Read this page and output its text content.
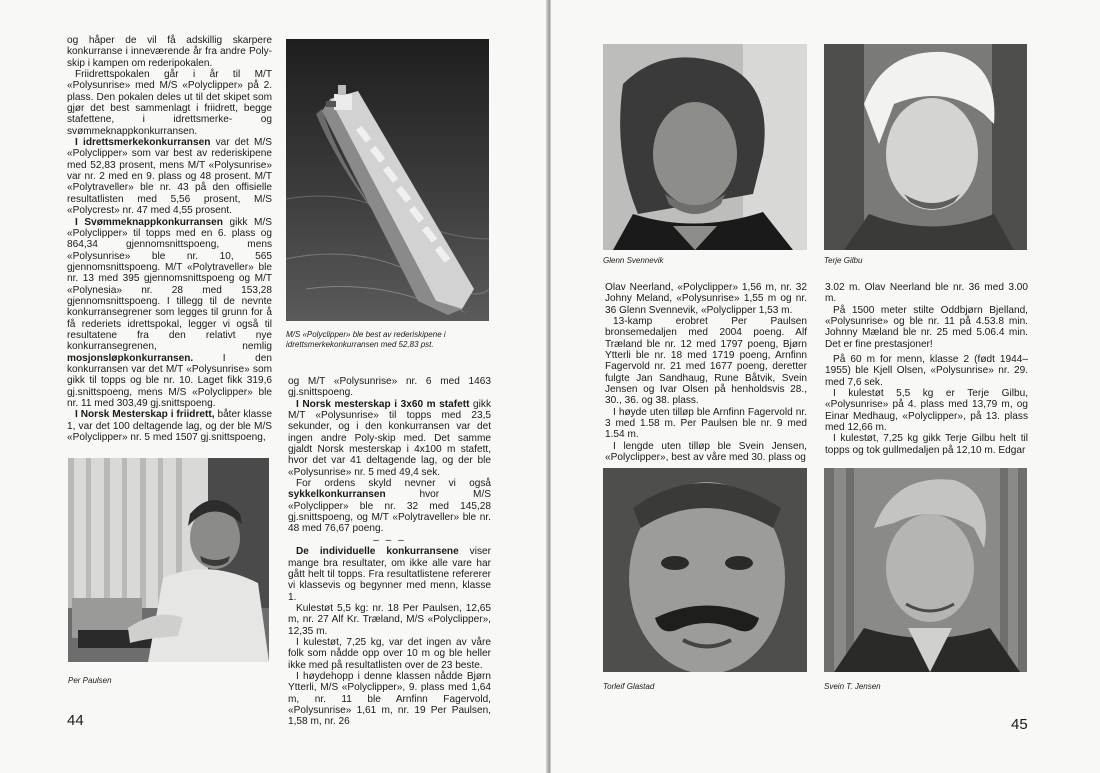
og håper de vil få adskillig skarpere konkurranse i inneværende år fra andre Poly-skip i kampen om rederipokalen.

Friidrettspokalen går i år til M/T «Polysunrise» med M/S «Polyclipper» på 2. plass. Den pokalen deles ut til det skipet som gjør det best sammenlagt i friidrett, begge stafettene, i idrettsmerke- og svømmeknappkonkurransen.

I idrettsmerkekonkurransen var det M/S «Polyclipper» som var best av rederiskipene med 52,83 prosent, mens M/T «Polysunrise» var nr. 2 med en 9. plass og 48 prosent. M/T «Polytraveller» ble nr. 43 på den offisielle resultatlisten med 5,56 prosent, M/S «Polycrest» nr. 47 med 4,55 prosent.

I Svømmeknappkonkurransen gikk M/S «Polyclipper» til topps med en 6. plass og 864,34 gjennomsnittspoeng, mens «Polysunrise» ble nr. 10, 565 gjennomsnittspoeng. M/T «Polytraveller» ble nr. 13 med 395 gjennomsnittspoeng og M/T «Polynesia» nr. 28 med 153,28 gjennomsnittspoeng. I tillegg til de nevnte konkurransegrener som legges til grunn for å få rederiets idrettspokal, legger vi også til resultatene fra den relativt nye konkurransegrenen, nemlig mosjonsløpkonkurransen. I den konkurransen var det M/T «Polysunrise» som gikk til topps og ble nr. 10. Laget fikk 319,6 gj.snittspoeng, mens M/S «Polyclipper» ble nr. 11 med 303,49 gj.snittspoeng.

I Norsk Mesterskap i friidrett, båter klasse 1, var det 100 deltagende lag, og der ble M/S «Polyclipper» nr. 5 med 1507 gj.snittspoeng,

M/S «Polyclipper» ble best av rederiskipene i idrettsmerkekonkurransen med 52,83 pst.

og M/T «Polysunrise» nr. 6 med 1463 gj.snittspoeng.

I Norsk mesterskap i 3x60 m stafett gikk M/T «Polysunrise» til topps med 23,5 sekunder, og i den konkurransen var det ingen andre Poly-skip med. Det samme gjaldt Norsk mesterskap i 4x100 m stafett, hvor det var 41 deltagende lag, og der ble «Polysunrise» nr. 5 med 49,4 sek.

For ordens skyld nevner vi også sykkelkonkurransen hvor M/S «Polyclipper» ble nr. 32 med 145,28 gj.snittspoeng, og M/T «Polytraveller» ble nr. 48 med 76,67 poeng.

– – –

De individuelle konkurransene viser mange bra resultater, om ikke alle vare har gått helt til topps. Fra resultatlistene refererer vi klassevis og begynner med menn, klasse 1.

Kulestøt 5,5 kg: nr. 18 Per Paulsen, 12,65 m, nr. 27 Alf Kr. Træland, M/S «Polyclipper», 12,35 m.

I kulestøt, 7,25 kg, var det ingen av våre folk som nådde opp over 10 m og ble heller ikke med på resultatlisten over de 23 beste.

I høydehopp i denne klassen nådde Bjørn Ytterli, M/S «Polyclipper», 9. plass med 1,64 m, nr. 11 ble Arnfinn Fagervold, «Polysunrise» 1,61 m, nr. 19 Per Paulsen, 1,58 m, nr. 26

Per Paulsen

44

Glenn Svennevik	Terje Gilbu

Olav Neerland, «Polyclipper» 1,56 m, nr. 32 Johny Meland, «Polysunrise» 1,55 m og nr. 36 Glenn Svennevik, «Polyclipper 1,53 m.

13-kamp erobret Per Paulsen bronsemedaljen med 2004 poeng. Alf Træland ble nr. 12 med 1797 poeng, Bjørn Ytterli ble nr. 18 med 1719 poeng, Arnfinn Fagervold nr. 21 med 1677 poeng, deretter fulgte Jan Sandhaug, Rune Båtvik, Svein Jensen og Ivar Olsen på henholdsvis 28., 30., 36. og 38. plass.

I høyde uten tilløp ble Arnfinn Fagervold nr. 3 med 1.58 m. Per Paulsen ble nr. 9 med 1.54 m.

I lengde uten tilløp ble Svein Jensen, «Polyclipper», best av våre med 30. plass og

3.02 m. Olav Neerland ble nr. 36 med 3.00 m.

På 1500 meter stilte Oddbjørn Bjelland, «Polysunrise» og ble nr. 11 på 4.53.8 min. Johnny Mæland ble nr. 25 med 5.06.4 min. Det er fine prestasjoner!

På 60 m for menn, klasse 2 (født 1944–1955) ble Kjell Olsen, «Polysunrise» nr. 29. med 7,6 sek.

I kulestøt 5,5 kg er Terje Gilbu, «Polysunrise» på 4. plass med 13,79 m, og Einar Medhaug, «Polyclipper», på 13. plass med 12,66 m.

I kulestøt, 7,25 kg gikk Terje Gilbu helt til topps og tok gullmedaljen på 12,10 m. Edgar

Torleif Glastad	Svein T. Jensen

45
